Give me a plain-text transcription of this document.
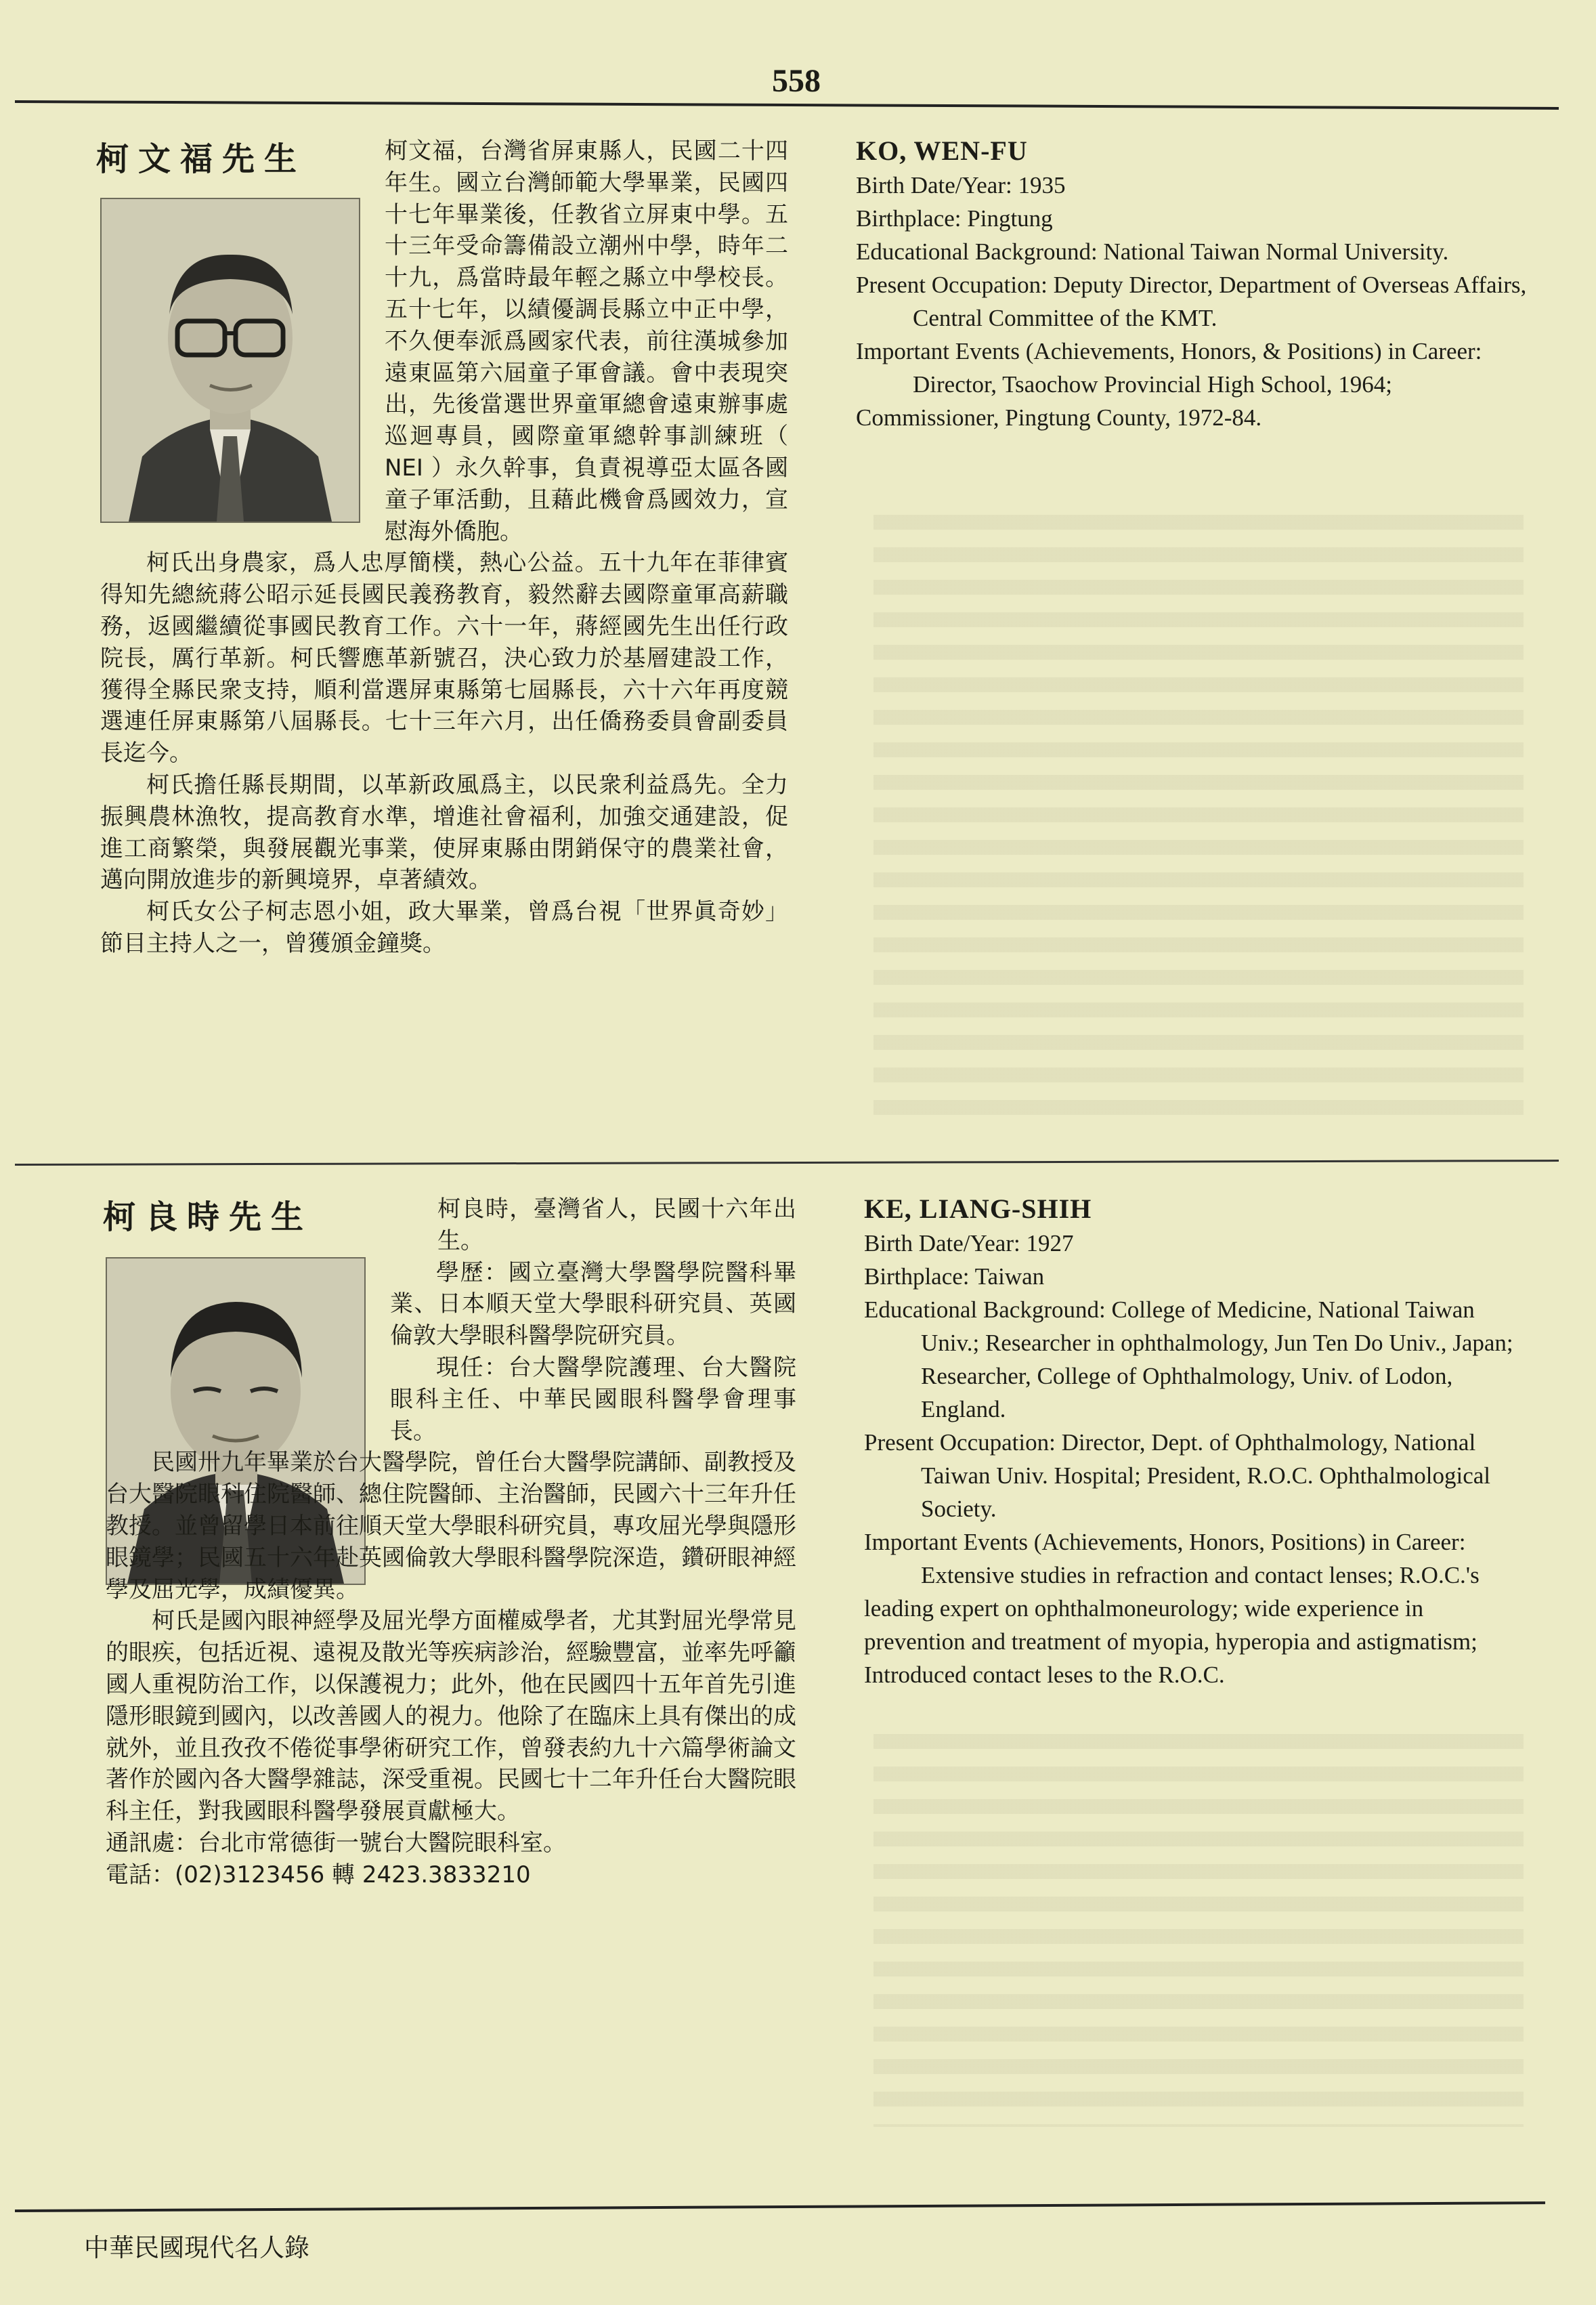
558
柯文福先生	柯文福，台灣省屏東縣人，民國二十四年生。國立台灣師範大學畢業，民國四十七年畢業後，任教省立屏東中學。五十三年受命籌備設立潮州中學，時年二十九，爲當時最年輕之縣立中學校長。五十七年，以績優調長縣立中正中學，不久便奉派爲國家代表，前往漢城參加遠東區第六屆童子軍會議。會中表現突出，先後當選世界童軍總會遠東辦事處巡迴專員，國際童軍總幹事訓練班（ NEI ）永久幹事，負責視導亞太區各國童子軍活動，且藉此機會爲國效力，宣慰海外僑胞。

柯氏出身農家，爲人忠厚簡樸，熱心公益。五十九年在菲律賓得知先總統蔣公昭示延長國民義務教育，毅然辭去國際童軍高薪職務，返國繼續從事國民教育工作。六十一年，蔣經國先生出任行政院長，厲行革新。柯氏響應革新號召，決心致力於基層建設工作，獲得全縣民衆支持，順利當選屏東縣第七屆縣長，六十六年再度競選連任屏東縣第八屆縣長。七十三年六月，出任僑務委員會副委員長迄今。

柯氏擔任縣長期間，以革新政風爲主，以民衆利益爲先。全力振興農林漁牧，提高教育水準，增進社會福利，加強交通建設，促進工商繁榮，與發展觀光事業，使屏東縣由閉銷保守的農業社會，邁向開放進步的新興境界，卓著績效。

柯氏女公子柯志恩小姐，政大畢業，曾爲台視「世界眞奇妙」節目主持人之一，曾獲頒金鐘獎。

KO, WEN-FU

Birth Date/Year: 1935

Birthplace: Pingtung

Educational Background: National Taiwan Normal University.

Present Occupation: Deputy Director, Department of Overseas Affairs, Central Committee of the KMT.

Important Events (Achievements, Honors, & Positions) in Career:

Director, Tsaochow Provincial High School, 1964; Commissioner, Pingtung County, 1972-84.

柯良時先生	柯良時，臺灣省人，民國十六年出生。

學歷：國立臺灣大學醫學院醫科畢業、日本順天堂大學眼科研究員、英國倫敦大學眼科醫學院研究員。

現任：台大醫學院護理、台大醫院眼科主任、中華民國眼科醫學會理事長。

民國卅九年畢業於台大醫學院，曾任台大醫學院講師、副教授及台大醫院眼科住院醫師、總住院醫師、主治醫師，民國六十三年升任教授。並曾留學日本前往順天堂大學眼科研究員，專攻屈光學與隱形眼鏡學；民國五十六年赴英國倫敦大學眼科醫學院深造，鑽研眼神經學及屈光學，成績優異。

柯氏是國內眼神經學及屈光學方面權威學者，尤其對屈光學常見的眼疾，包括近視、遠視及散光等疾病診治，經驗豐富，並率先呼籲國人重視防治工作，以保護視力；此外，他在民國四十五年首先引進隱形眼鏡到國內，以改善國人的視力。他除了在臨床上具有傑出的成就外，並且孜孜不倦從事學術研究工作，曾發表約九十六篇學術論文著作於國內各大醫學雜誌，深受重視。民國七十二年升任台大醫院眼科主任，對我國眼科醫學發展貢獻極大。

通訊處：台北市常德街一號台大醫院眼科室。

電話：(02)3123456 轉 2423.3833210

KE, LIANG-SHIH

Birth Date/Year: 1927

Birthplace: Taiwan

Educational Background: College of Medicine, National Taiwan Univ.; Researcher in ophthalmology, Jun Ten Do Univ., Japan; Researcher, College of Ophthalmology, Univ. of Lodon, England.

Present Occupation: Director, Dept. of Ophthalmology, National Taiwan Univ. Hospital; President, R.O.C. Ophthalmological Society.

Important Events (Achievements, Honors, Positions) in Career:

Extensive studies in refraction and contact lenses; R.O.C.'s leading expert on ophthalmoneurology; wide experience in prevention and treatment of myopia, hyperopia and astigmatism; Introduced contact leses to the R.O.C.

中華民國現代名人錄
